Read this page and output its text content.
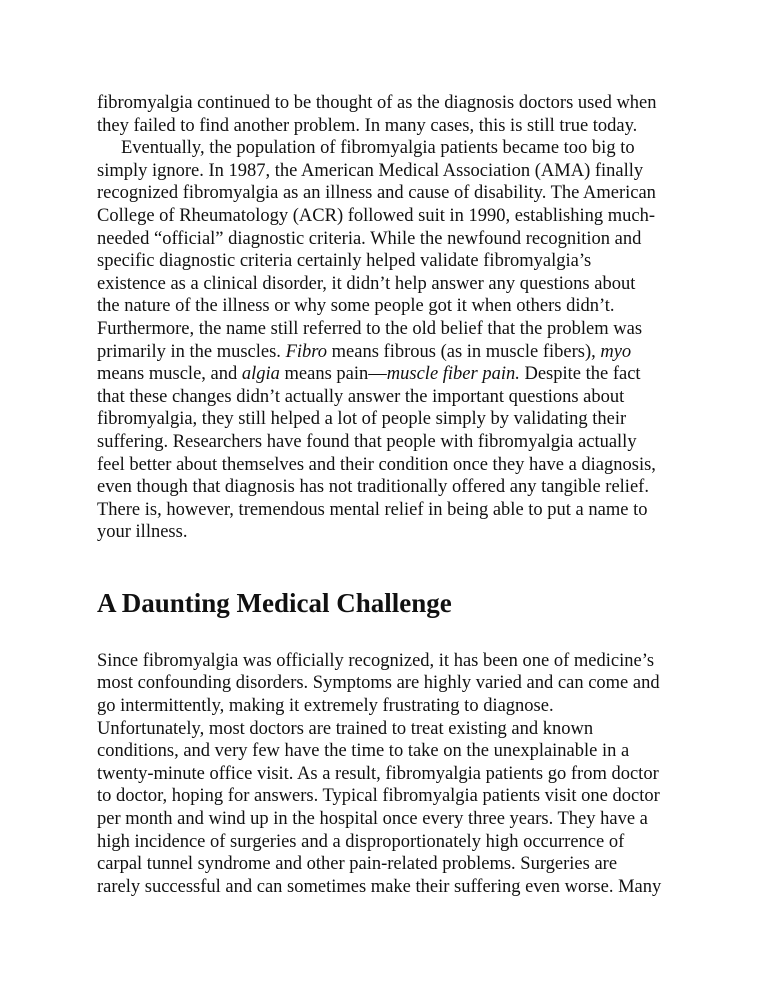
fibromyalgia continued to be thought of as the diagnosis doctors used when
they failed to find another problem. In many cases, this is still true today.

Eventually, the population of fibromyalgia patients became too big to
simply ignore. In 1987, the American Medical Association (AMA) finally
recognized fibromyalgia as an illness and cause of disability. The American
College of Rheumatology (ACR) followed suit in 1990, establishing much-
needed “official” diagnostic criteria. While the newfound recognition and
specific diagnostic criteria certainly helped validate fibromyalgia’s
existence as a clinical disorder, it didn’t help answer any questions about
the nature of the illness or why some people got it when others didn’t.
Furthermore, the name still referred to the old belief that the problem was
primarily in the muscles. Fibro means fibrous (as in muscle fibers), myo
means muscle, and algia means pain—muscle fiber pain. Despite the fact
that these changes didn’t actually answer the important questions about
fibromyalgia, they still helped a lot of people simply by validating their
suffering. Researchers have found that people with fibromyalgia actually
feel better about themselves and their condition once they have a diagnosis,
even though that diagnosis has not traditionally offered any tangible relief.
There is, however, tremendous mental relief in being able to put a name to
your illness.

A Daunting Medical Challenge

Since fibromyalgia was officially recognized, it has been one of medicine’s
most confounding disorders. Symptoms are highly varied and can come and
go intermittently, making it extremely frustrating to diagnose.
Unfortunately, most doctors are trained to treat existing and known
conditions, and very few have the time to take on the unexplainable in a
twenty-minute office visit. As a result, fibromyalgia patients go from doctor
to doctor, hoping for answers. Typical fibromyalgia patients visit one doctor
per month and wind up in the hospital once every three years. They have a
high incidence of surgeries and a disproportionately high occurrence of
carpal tunnel syndrome and other pain-related problems. Surgeries are
rarely successful and can sometimes make their suffering even worse. Many
